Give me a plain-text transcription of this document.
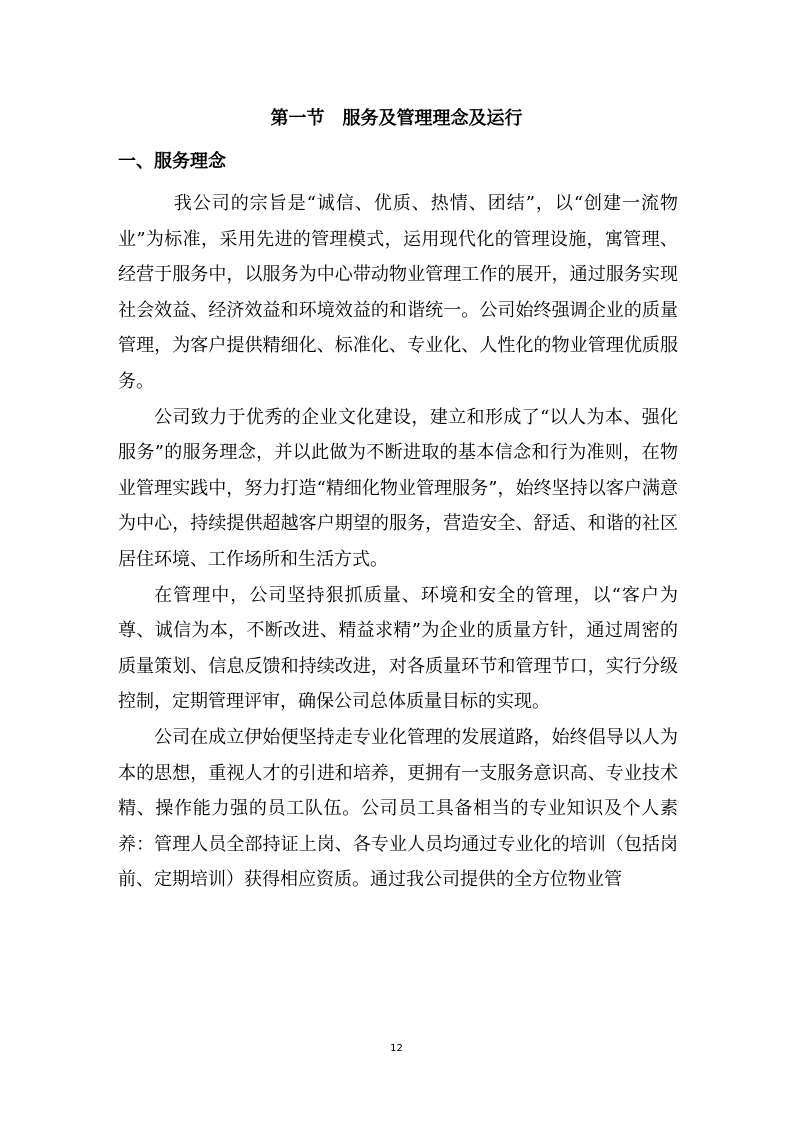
第一节　服务及管理理念及运行
一、服务理念

我公司的宗旨是“诚信、优质、热情、团结”，以“创建一流物业”为标准，采用先进的管理模式，运用现代化的管理设施，寓管理、经营于服务中，以服务为中心带动物业管理工作的展开，通过服务实现社会效益、经济效益和环境效益的和谐统一。公司始终强调企业的质量管理，为客户提供精细化、标准化、专业化、人性化的物业管理优质服务。

公司致力于优秀的企业文化建设，建立和形成了“以人为本、强化服务”的服务理念，并以此做为不断进取的基本信念和行为准则，在物业管理实践中，努力打造“精细化物业管理服务”，始终坚持以客户满意为中心，持续提供超越客户期望的服务，营造安全、舒适、和谐的社区居住环境、工作场所和生活方式。

在管理中，公司坚持狠抓质量、环境和安全的管理，以“客户为尊、诚信为本，不断改进、精益求精”为企业的质量方针，通过周密的质量策划、信息反馈和持续改进，对各质量环节和管理节口，实行分级控制，定期管理评审，确保公司总体质量目标的实现。

公司在成立伊始便坚持走专业化管理的发展道路，始终倡导以人为本的思想，重视人才的引进和培养，更拥有一支服务意识高、专业技术精、操作能力强的员工队伍。公司员工具备相当的专业知识及个人素养：管理人员全部持证上岗、各专业人员均通过专业化的培训（包括岗前、定期培训）获得相应资质。通过我公司提供的全方位物业管

12
